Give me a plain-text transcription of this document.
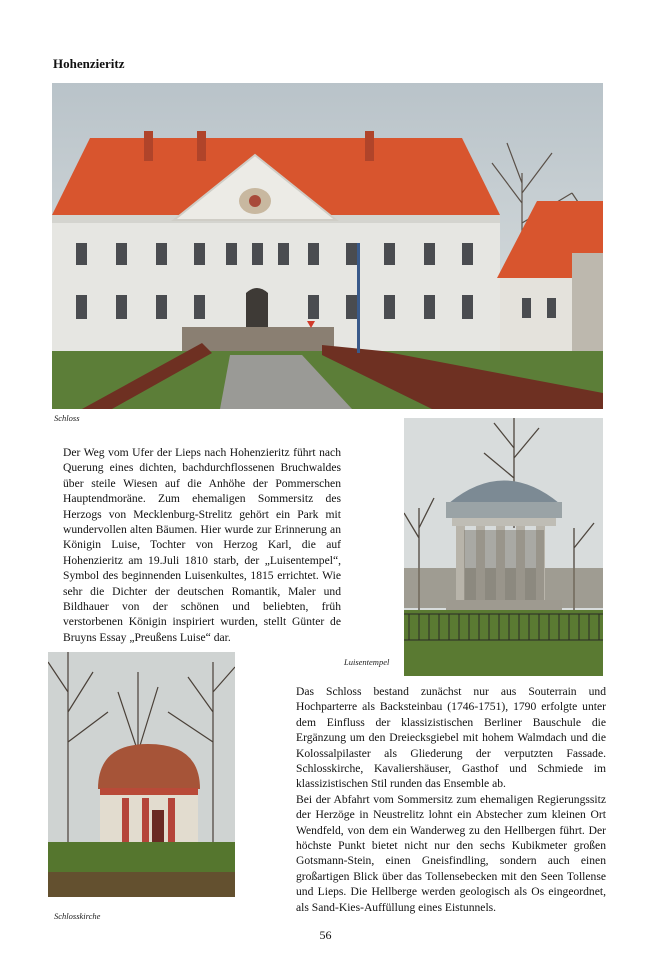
Hohenzieritz
Schloss

Der Weg vom Ufer der Lieps nach Hohenzieritz führt nach Querung eines dichten, bachdurchflossenen Bruchwaldes über steile Wiesen auf die Anhöhe der Pommerschen Hauptendmoräne. Zum ehemaligen Sommersitz des Herzogs von Mecklenburg-Strelitz gehört ein Park mit wundervollen alten Bäumen. Hier wurde zur Erinnerung an Königin Luise, Tochter von Herzog Karl, die auf Hohenzieritz am 19.Juli 1810 starb, der „Luisentempel“, Symbol des beginnenden Luisenkultes, 1815 errichtet. Wie sehr die Dichter der deutschen Romantik, Maler und Bildhauer von der schönen und beliebten, früh verstorbenen Königin inspiriert wurden, stellt Günter de Bruyns Essay „Preußens Luise“ dar.

Luisentempel
Schlosskirche

Das Schloss bestand zunächst nur aus Souterrain und Hochparterre als Backsteinbau (1746-1751), 1790 erfolgte unter dem Einfluss der klassizistischen Berliner Bauschule die Ergänzung um den Dreiecksgiebel mit hohem Walmdach und die Kolossalpilaster als Gliederung der verputzten Fassade. Schlosskirche, Kavaliershäuser, Gasthof und Schmiede im klassizistischen Stil runden das Ensemble ab.

Bei der Abfahrt vom Sommersitz zum ehemaligen Regierungssitz der Herzöge in Neustrelitz lohnt ein Abstecher zum kleinen Ort Wendfeld, von dem ein Wanderweg zu den Hellbergen führt. Der höchste Punkt bietet nicht nur den sechs Kubikmeter großen Gotsmann-Stein, einen Gneisfindling, sondern auch einen großartigen Blick über das Tollensebecken mit den Seen Tollense und Lieps. Die Hellberge werden geologisch als Os eingeordnet, als Sand-Kies-Auffüllung eines Eistunnels.

56
